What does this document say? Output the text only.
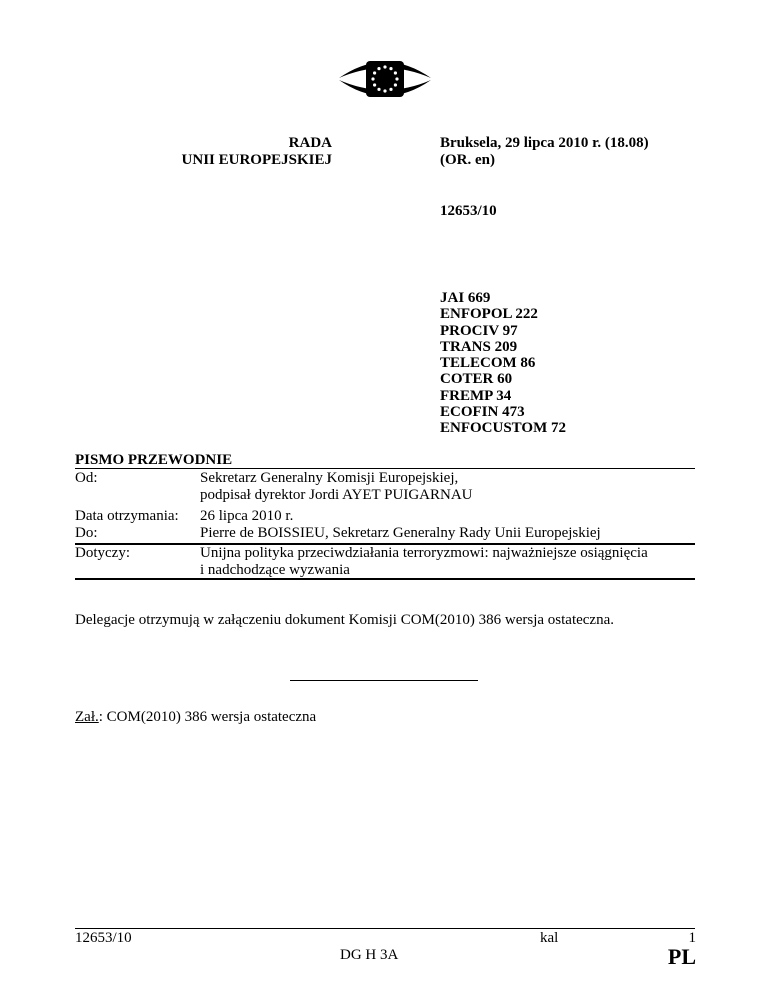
RADA
UNII EUROPEJSKIEJ
Bruksela, 29 lipca 2010 r. (18.08)
(OR. en)
12653/10
JAI 669
ENFOPOL 222
PROCIV 97
TRANS 209
TELECOM 86
COTER 60
FREMP 34
ECOFIN 473
ENFOCUSTOM 72
PISMO PRZEWODNIE
Od:	Sekretarz Generalny Komisji Europejskiej,
podpisał dyrektor Jordi AYET PUIGARNAU
Data otrzymania:	26 lipca 2010 r.
Do:	Pierre de BOISSIEU, Sekretarz Generalny Rady Unii Europejskiej
Dotyczy:	Unijna polityka przeciwdziałania terroryzmowi: najważniejsze osiągnięcia
i nadchodzące wyzwania
Delegacje otrzymują w załączeniu dokument Komisji COM(2010) 386 wersja ostateczna.
Zał.: COM(2010) 386 wersja ostateczna
12653/10
DG H 3A
kal	1
PL
